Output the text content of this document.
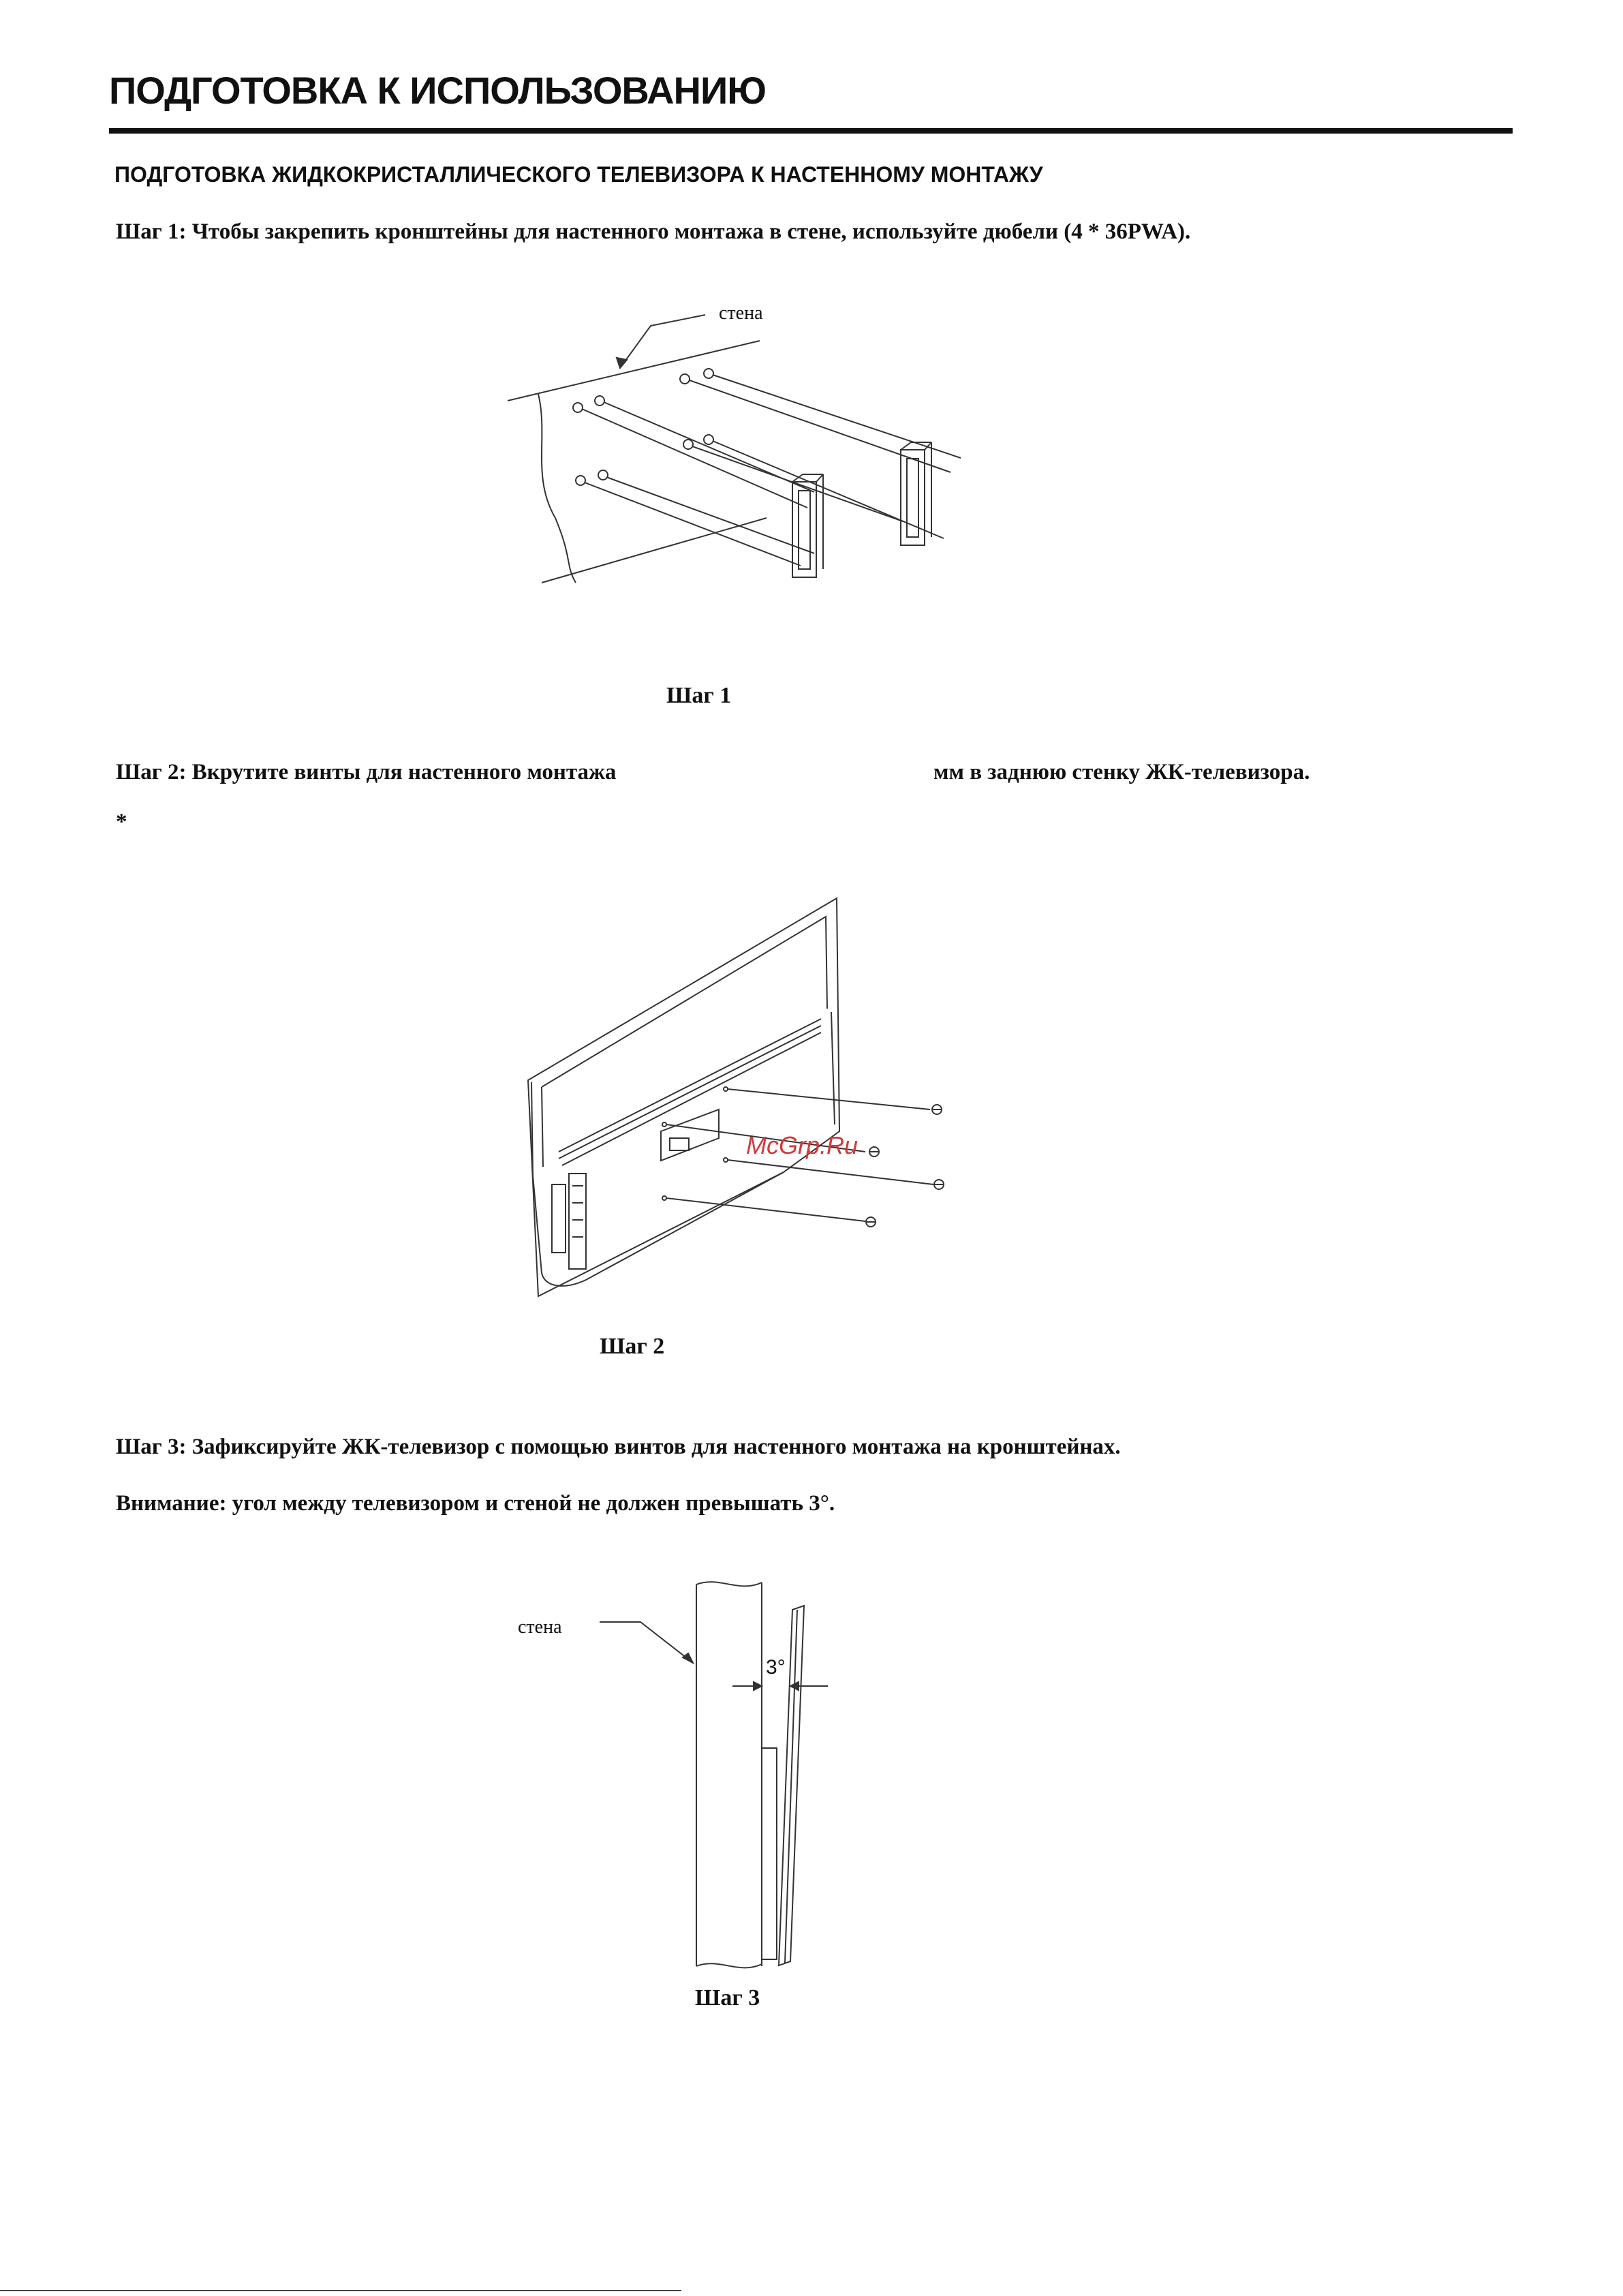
ПОДГОТОВКА К ИСПОЛЬЗОВАНИЮ
ПОДГОТОВКА ЖИДКОКРИСТАЛЛИЧЕСКОГО ТЕЛЕВИЗОРА К НАСТЕННОМУ МОНТАЖУ
Шаг 1: Чтобы закрепить кронштейны для настенного монтажа в стене, используйте дюбели (4 * 36PWA).
стена
Шаг 1
Шаг 2: Вкрутите винты для настенного монтажа	мм в заднюю стенку ЖК-телевизора.
*
McGrp.Ru
Шаг 2
Шаг 3: Зафиксируйте ЖК-телевизор с помощью винтов для настенного монтажа на кронштейнах.
Внимание: угол между телевизором и стеной не должен превышать 3°.
стена
3°
Шаг 3
